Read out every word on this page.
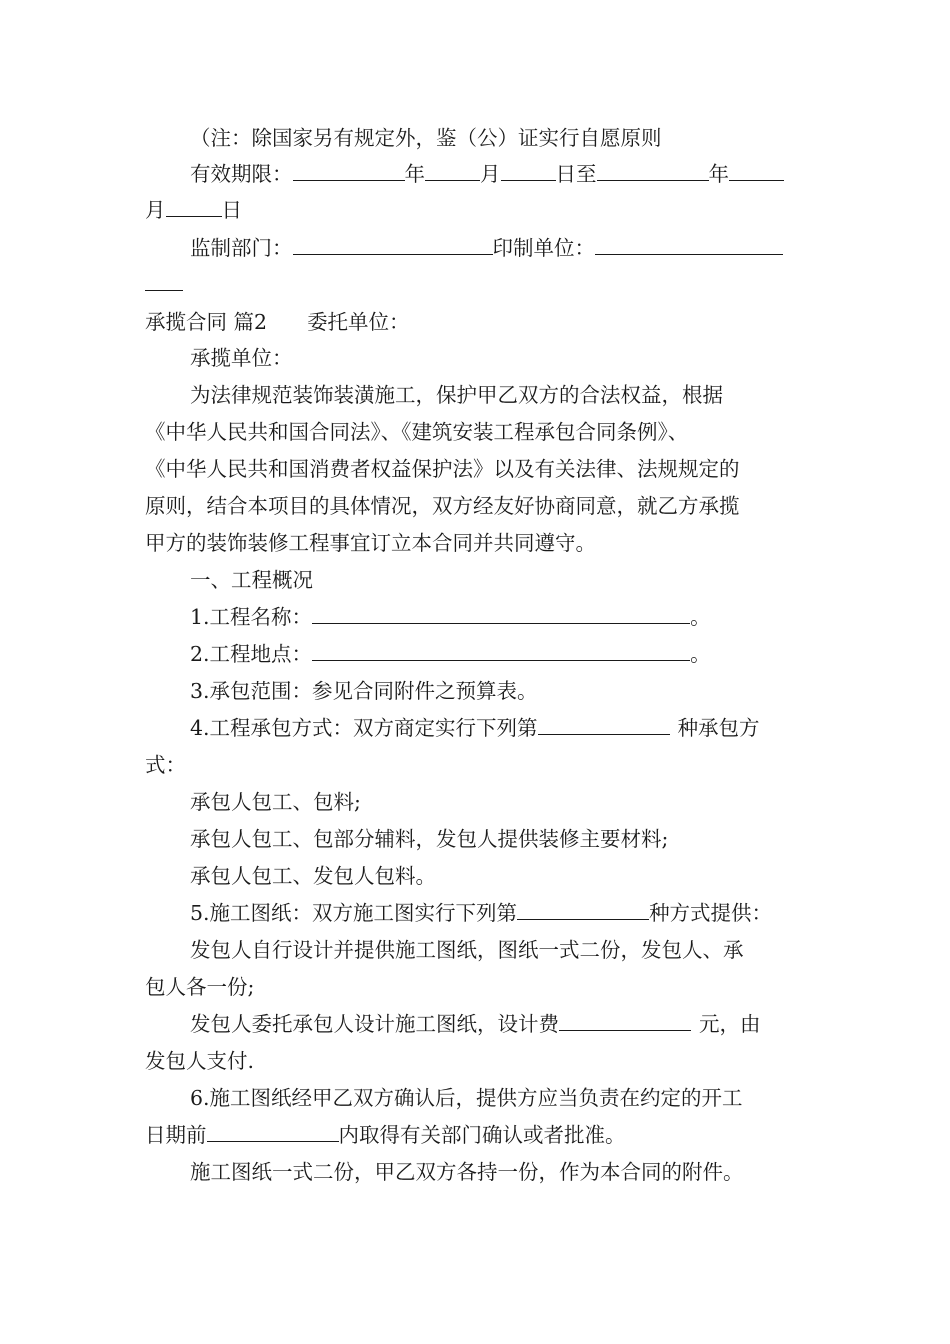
（注：除国家另有规定外，鉴（公）证实行自愿原则
有效期限：	年	月	日至	年
月	日
监制部门：	印制单位：
承揽合同 篇2 委托单位：
承揽单位：
为法律规范装饰装潢施工，保护甲乙双方的合法权益，根据
《中华人民共和国合同法》、《建筑安装工程承包合同条例》、
《中华人民共和国消费者权益保护法》以及有关法律、法规规定的
原则，结合本项目的具体情况，双方经友好协商同意，就乙方承揽
甲方的装饰装修工程事宜订立本合同并共同遵守。
一、工程概况
1.工程名称：	。
2.工程地点：	。
3.承包范围：参见合同附件之预算表。
4.工程承包方式：双方商定实行下列第	种承包方
式：
承包人包工、包料;
承包人包工、包部分辅料，发包人提供装修主要材料;
承包人包工、发包人包料。
5.施工图纸：双方施工图实行下列第	种方式提供：
发包人自行设计并提供施工图纸，图纸一式二份，发包人、承
包人各一份;
发包人委托承包人设计施工图纸，设计费	元，由
发包人支付.
6.施工图纸经甲乙双方确认后，提供方应当负责在约定的开工
日期前	内取得有关部门确认或者批准。
施工图纸一式二份，甲乙双方各持一份，作为本合同的附件。
